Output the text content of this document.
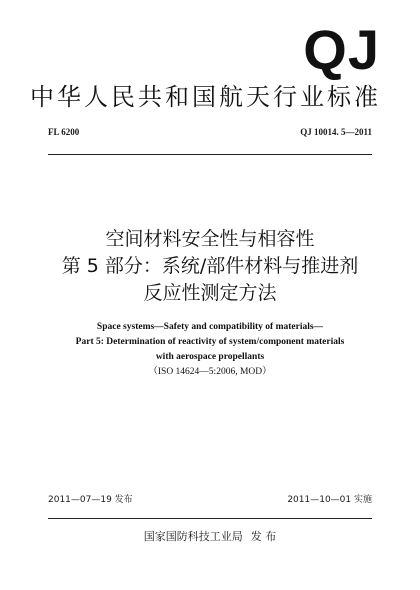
QJ
中华人民共和国航天行业标准
FL 6200	QJ 10014. 5—2011
空间材料安全性与相容性
第 5 部分：系统/部件材料与推进剂
反应性测定方法
Space systems—Safety and compatibility of materials—
Part 5: Determination of reactivity of system/component materials
with aerospace propellants
（ISO 14624—5:2006, MOD）
2011—07—19 发布	2011—10—01 实施
国家国防科技工业局 发 布
